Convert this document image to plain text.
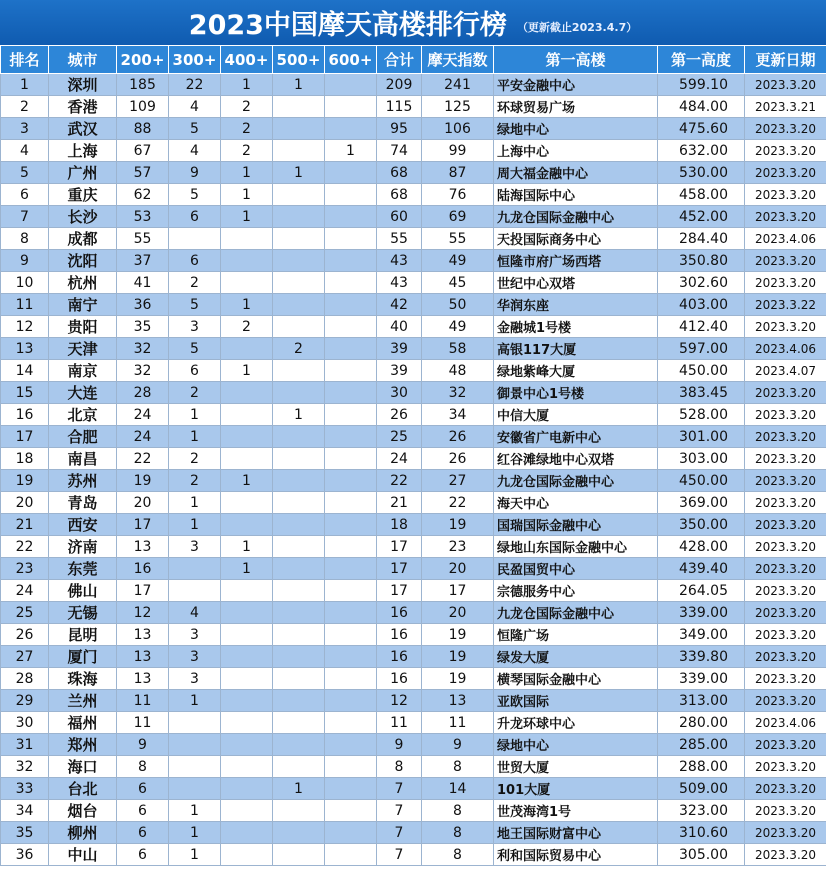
2023中国摩天高楼排行榜 （更新截止2023.4.7）
排名	城市	200+	300+	400+	500+	600+	合计	摩天指数	第一高楼	第一高度	更新日期
1	深圳	185	22	1	1		209	241	平安金融中心	599.10	2023.3.20
2	香港	109	4	2			115	125	环球贸易广场	484.00	2023.3.21
3	武汉	88	5	2			95	106	绿地中心	475.60	2023.3.20
4	上海	67	4	2		1	74	99	上海中心	632.00	2023.3.20
5	广州	57	9	1	1		68	87	周大福金融中心	530.00	2023.3.20
6	重庆	62	5	1			68	76	陆海国际中心	458.00	2023.3.20
7	长沙	53	6	1			60	69	九龙仓国际金融中心	452.00	2023.3.20
8	成都	55					55	55	天投国际商务中心	284.40	2023.4.06
9	沈阳	37	6				43	49	恒隆市府广场西塔	350.80	2023.3.20
10	杭州	41	2				43	45	世纪中心双塔	302.60	2023.3.20
11	南宁	36	5	1			42	50	华润东座	403.00	2023.3.22
12	贵阳	35	3	2			40	49	金融城1号楼	412.40	2023.3.20
13	天津	32	5		2		39	58	高银117大厦	597.00	2023.4.06
14	南京	32	6	1			39	48	绿地紫峰大厦	450.00	2023.4.07
15	大连	28	2				30	32	御景中心1号楼	383.45	2023.3.20
16	北京	24	1		1		26	34	中信大厦	528.00	2023.3.20
17	合肥	24	1				25	26	安徽省广电新中心	301.00	2023.3.20
18	南昌	22	2				24	26	红谷滩绿地中心双塔	303.00	2023.3.20
19	苏州	19	2	1			22	27	九龙仓国际金融中心	450.00	2023.3.20
20	青岛	20	1				21	22	海天中心	369.00	2023.3.20
21	西安	17	1				18	19	国瑞国际金融中心	350.00	2023.3.20
22	济南	13	3	1			17	23	绿地山东国际金融中心	428.00	2023.3.20
23	东莞	16		1			17	20	民盈国贸中心	439.40	2023.3.20
24	佛山	17					17	17	宗德服务中心	264.05	2023.3.20
25	无锡	12	4				16	20	九龙仓国际金融中心	339.00	2023.3.20
26	昆明	13	3				16	19	恒隆广场	349.00	2023.3.20
27	厦门	13	3				16	19	绿发大厦	339.80	2023.3.20
28	珠海	13	3				16	19	横琴国际金融中心	339.00	2023.3.20
29	兰州	11	1				12	13	亚欧国际	313.00	2023.3.20
30	福州	11					11	11	升龙环球中心	280.00	2023.4.06
31	郑州	9					9	9	绿地中心	285.00	2023.3.20
32	海口	8					8	8	世贸大厦	288.00	2023.3.20
33	台北	6			1		7	14	101大厦	509.00	2023.3.20
34	烟台	6	1				7	8	世茂海湾1号	323.00	2023.3.20
35	柳州	6	1				7	8	地王国际财富中心	310.60	2023.3.20
36	中山	6	1				7	8	利和国际贸易中心	305.00	2023.3.20
